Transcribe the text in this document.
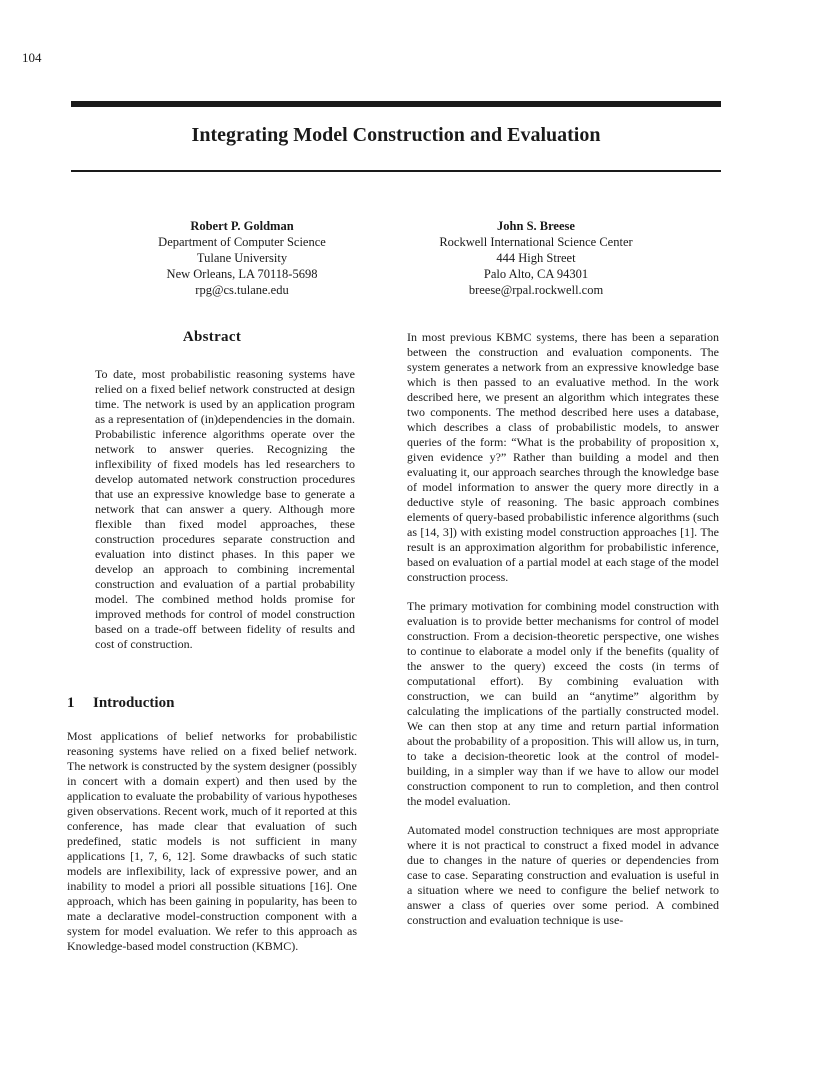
104
Integrating Model Construction and Evaluation
Robert P. Goldman
Department of Computer Science
Tulane University
New Orleans, LA 70118-5698
rpg@cs.tulane.edu
John S. Breese
Rockwell International Science Center
444 High Street
Palo Alto, CA 94301
breese@rpal.rockwell.com
Abstract

To date, most probabilistic reasoning systems have relied on a fixed belief network constructed at design time. The network is used by an application program as a representation of (in)dependencies in the domain. Probabilistic inference algorithms operate over the network to answer queries. Recognizing the inflexibility of fixed models has led researchers to develop automated network construction procedures that use an expressive knowledge base to generate a network that can answer a query. Although more flexible than fixed model approaches, these construction procedures separate construction and evaluation into distinct phases. In this paper we develop an approach to combining incremental construction and evaluation of a partial probability model. The combined method holds promise for improved methods for control of model construction based on a trade-off between fidelity of results and cost of construction.

1 Introduction

Most applications of belief networks for probabilistic reasoning systems have relied on a fixed belief network. The network is constructed by the system designer (possibly in concert with a domain expert) and then used by the application to evaluate the probability of various hypotheses given observations. Recent work, much of it reported at this conference, has made clear that evaluation of such predefined, static models is not sufficient in many applications [1, 7, 6, 12]. Some drawbacks of such static models are inflexibility, lack of expressive power, and an inability to model a priori all possible situations [16]. One approach, which has been gaining in popularity, has been to mate a declarative model-construction component with a system for model evaluation. We refer to this approach as Knowledge-based model construction (KBMC).

In most previous KBMC systems, there has been a separation between the construction and evaluation components. The system generates a network from an expressive knowledge base which is then passed to an evaluative method. In the work described here, we present an algorithm which integrates these two components. The method described here uses a database, which describes a class of probabilistic models, to answer queries of the form: “What is the probability of proposition x, given evidence y?” Rather than building a model and then evaluating it, our approach searches through the knowledge base of model information to answer the query more directly in a deductive style of reasoning. The basic approach combines elements of query-based probabilistic inference algorithms (such as [14, 3]) with existing model construction approaches [1]. The result is an approximation algorithm for probabilistic inference, based on evaluation of a partial model at each stage of the model construction process.

The primary motivation for combining model construction with evaluation is to provide better mechanisms for control of model construction. From a decision-theoretic perspective, one wishes to continue to elaborate a model only if the benefits (quality of the answer to the query) exceed the costs (in terms of computational effort). By combining evaluation with construction, we can build an “anytime” algorithm by calculating the implications of the partially constructed model. We can then stop at any time and return partial information about the probability of a proposition. This will allow us, in turn, to take a decision-theoretic look at the control of model-building, in a simpler way than if we have to allow our model construction component to run to completion, and then control the model evaluation.

Automated model construction techniques are most appropriate where it is not practical to construct a fixed model in advance due to changes in the nature of queries or dependencies from case to case. Separating construction and evaluation is useful in a situation where we need to configure the belief network to answer a class of queries over some period. A combined construction and evaluation technique is use-
